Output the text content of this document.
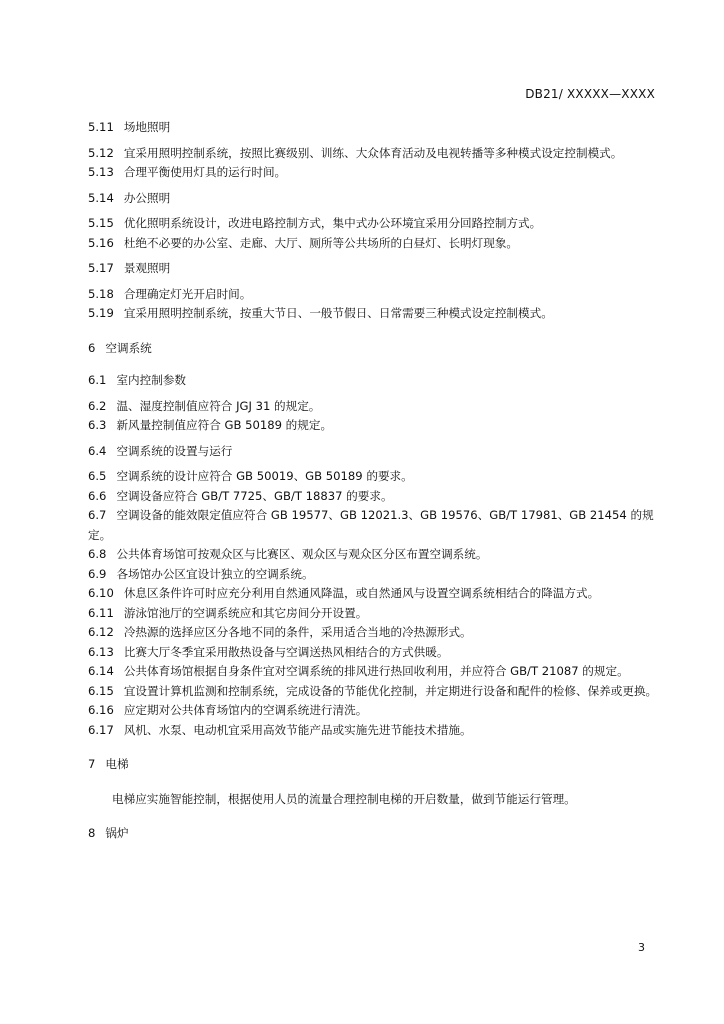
DB21/ XXXXX—XXXX
5.11 场地照明
5.12 宜采用照明控制系统，按照比赛级别、训练、大众体育活动及电视转播等多种模式设定控制模式。
5.13 合理平衡使用灯具的运行时间。
5.14 办公照明
5.15 优化照明系统设计，改进电路控制方式，集中式办公环境宜采用分回路控制方式。
5.16 杜绝不必要的办公室、走廊、大厅、厕所等公共场所的白昼灯、长明灯现象。
5.17 景观照明
5.18 合理确定灯光开启时间。
5.19 宜采用照明控制系统，按重大节日、一般节假日、日常需要三种模式设定控制模式。
6 空调系统
6.1 室内控制参数
6.2 温、湿度控制值应符合 JGJ 31 的规定。
6.3 新风量控制值应符合 GB 50189 的规定。
6.4 空调系统的设置与运行
6.5 空调系统的设计应符合 GB 50019、GB 50189 的要求。
6.6 空调设备应符合 GB/T 7725、GB/T 18837 的要求。
6.7 空调设备的能效限定值应符合 GB 19577、GB 12021.3、GB 19576、GB/T 17981、GB 21454 的规定。
6.8 公共体育场馆可按观众区与比赛区、观众区与观众区分区布置空调系统。
6.9 各场馆办公区宜设计独立的空调系统。
6.10 休息区条件许可时应充分利用自然通风降温，或自然通风与设置空调系统相结合的降温方式。
6.11 游泳馆池厅的空调系统应和其它房间分开设置。
6.12 冷热源的选择应区分各地不同的条件，采用适合当地的冷热源形式。
6.13 比赛大厅冬季宜采用散热设备与空调送热风相结合的方式供暖。
6.14 公共体育场馆根据自身条件宜对空调系统的排风进行热回收利用，并应符合 GB/T 21087 的规定。
6.15 宜设置计算机监测和控制系统，完成设备的节能优化控制，并定期进行设备和配件的检修、保养或更换。
6.16 应定期对公共体育场馆内的空调系统进行清洗。
6.17 风机、水泵、电动机宜采用高效节能产品或实施先进节能技术措施。
7 电梯
电梯应实施智能控制，根据使用人员的流量合理控制电梯的开启数量，做到节能运行管理。
8 锅炉
3
